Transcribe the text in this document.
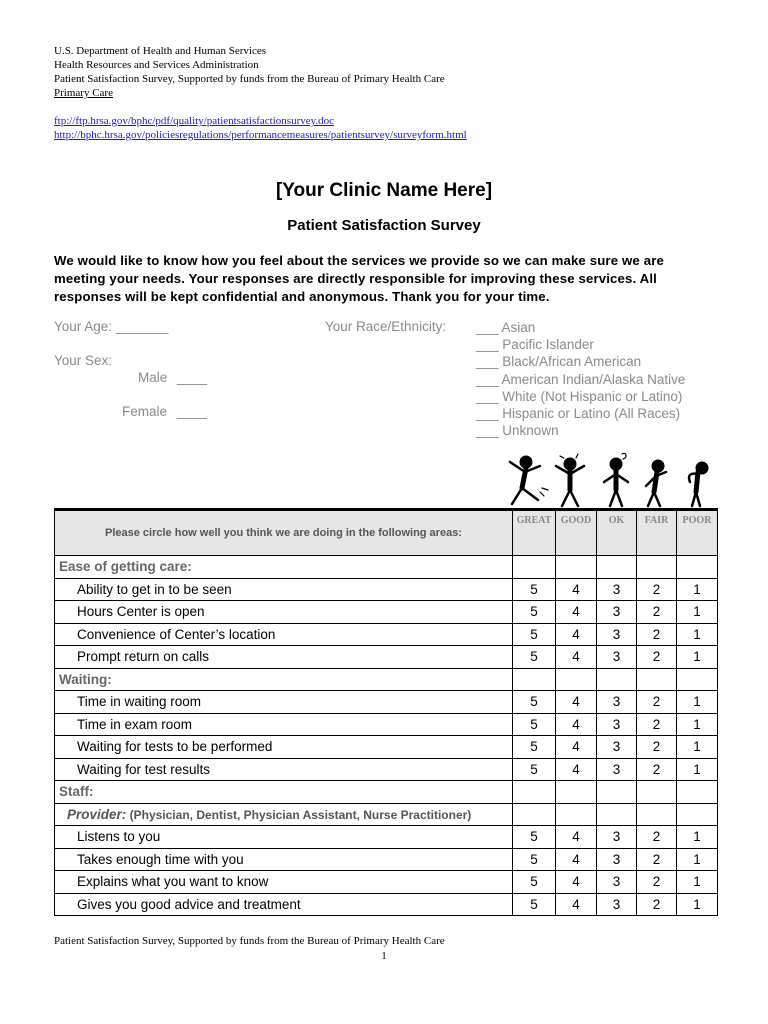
U.S. Department of Health and Human Services
Health Resources and Services Administration
Patient Satisfaction Survey, Supported by funds from the Bureau of Primary Health Care
Primary Care
ftp://ftp.hrsa.gov/bphc/pdf/quality/patientsatisfactionsurvey.doc
http://bphc.hrsa.gov/policiesregulations/performancemeasures/patientsurvey/surveyform.html
[Your Clinic Name Here]
Patient Satisfaction Survey
We would like to know how you feel about the services we provide so we can make sure we are meeting your needs. Your responses are directly responsible for improving these services. All responses will be kept confidential and anonymous. Thank you for your time.
Your Age: _______
Your Sex:
Male ____
Female ____
Your Race/Ethnicity: ___ Asian
___ Pacific Islander
___ Black/African American
___ American Indian/Alaska Native
___ White (Not Hispanic or Latino)
___ Hispanic or Latino (All Races)
___ Unknown
Please circle how well you think we are doing in the following areas:	GREAT	GOOD	OK	FAIR	POOR
Ease of getting care:					
Ability to get in to be seen	5	4	3	2	1
Hours Center is open	5	4	3	2	1
Convenience of Center’s location	5	4	3	2	1
Prompt return on calls	5	4	3	2	1
Waiting:					
Time in waiting room	5	4	3	2	1
Time in exam room	5	4	3	2	1
Waiting for tests to be performed	5	4	3	2	1
Waiting for test results	5	4	3	2	1
Staff:					
Provider: (Physician, Dentist, Physician Assistant, Nurse Practitioner)					
Listens to you	5	4	3	2	1
Takes enough time with you	5	4	3	2	1
Explains what you want to know	5	4	3	2	1
Gives you good advice and treatment	5	4	3	2	1
Patient Satisfaction Survey, Supported by funds from the Bureau of Primary Health Care
1
